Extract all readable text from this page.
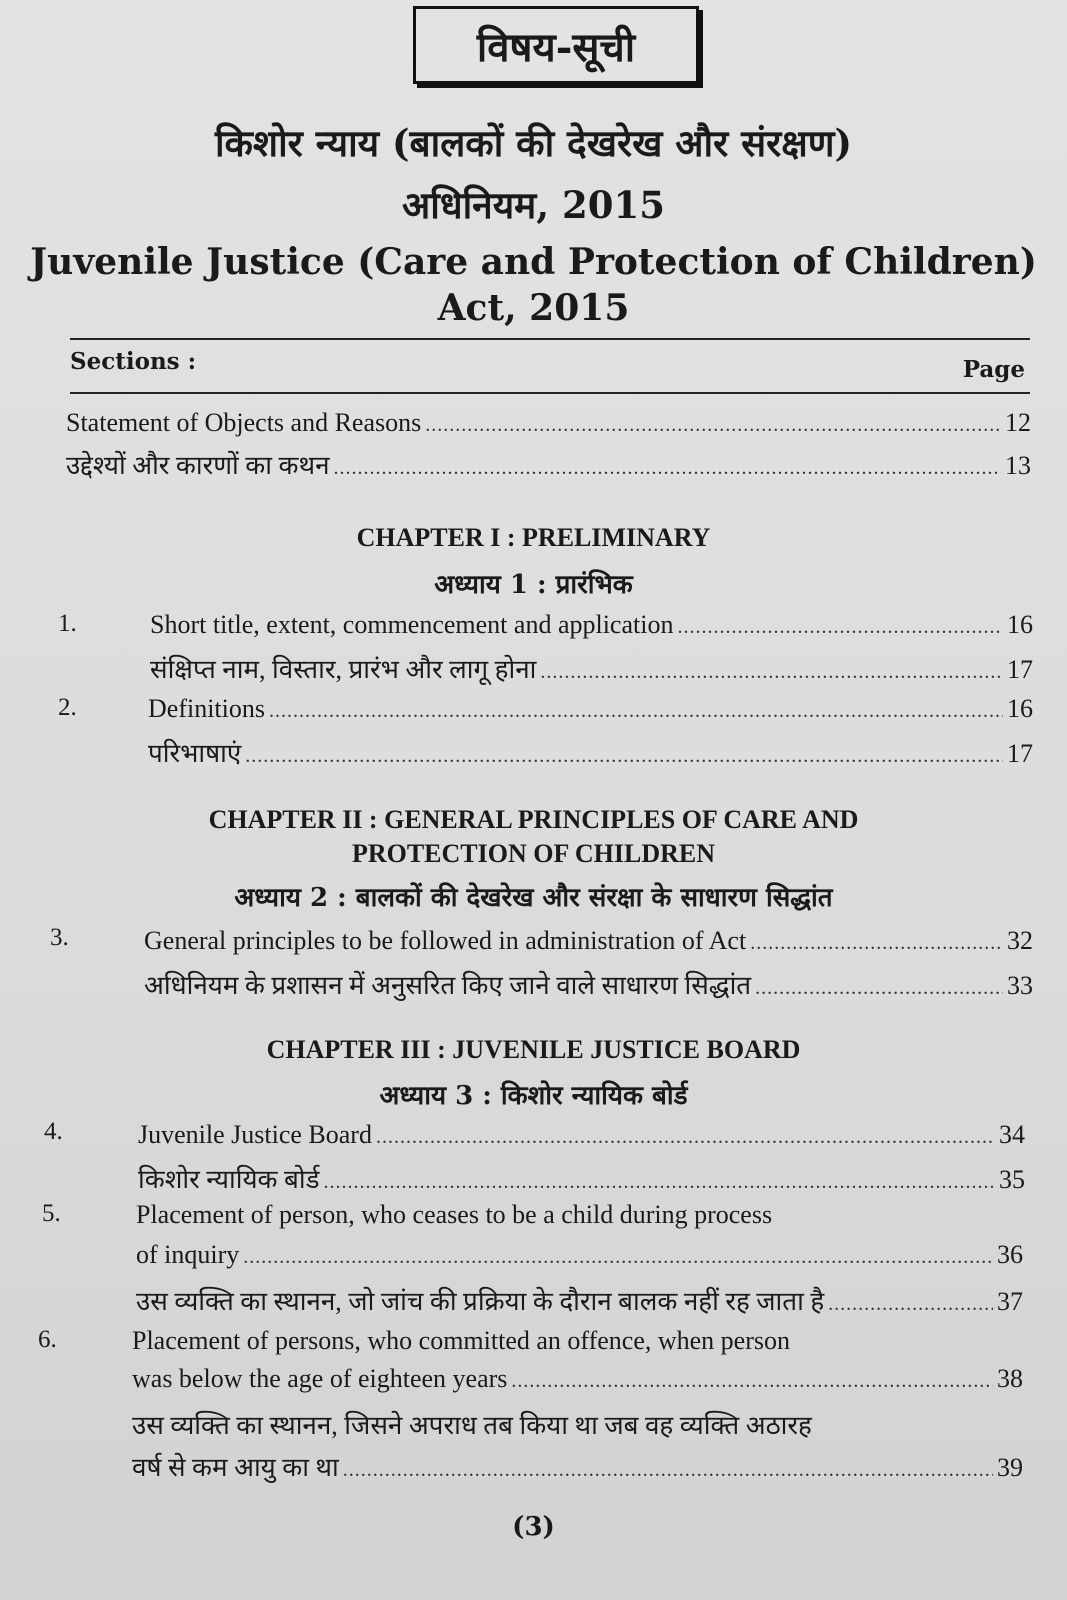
विषय-सूची
किशोर न्याय (बालकों की देखरेख और संरक्षण)
अधिनियम, 2015
Juvenile Justice (Care and Protection of Children)
Act, 2015
Sections :	Page
Statement of Objects and Reasons .....	12
उद्देश्यों और कारणों का कथन .....	13
CHAPTER I : PRELIMINARY
अध्याय 1 : प्रारंभिक
1.	Short title, extent, commencement and application .....	16
संक्षिप्त नाम, विस्तार, प्रारंभ और लागू होना .....	17
2.	Definitions .....	16
परिभाषाएं .....	17
CHAPTER II : GENERAL PRINCIPLES OF CARE AND
PROTECTION OF CHILDREN
अध्याय 2 : बालकों की देखरेख और संरक्षा के साधारण सिद्धांत
3.	General principles to be followed in administration of Act .....	32
अधिनियम के प्रशासन में अनुसरित किए जाने वाले साधारण सिद्धांत .....	33
CHAPTER III : JUVENILE JUSTICE BOARD
अध्याय 3 : किशोर न्यायिक बोर्ड
4.	Juvenile Justice Board .....	34
किशोर न्यायिक बोर्ड .....	35
5.	Placement of person, who ceases to be a child during process
of inquiry .....	36
उस व्यक्ति का स्थानन, जो जांच की प्रक्रिया के दौरान बालक नहीं रह जाता है .....	37
6.	Placement of persons, who committed an offence, when person
was below the age of eighteen years .....	38
उस व्यक्ति का स्थानन, जिसने अपराध तब किया था जब वह व्यक्ति अठारह
वर्ष से कम आयु का था .....	39
(3)
